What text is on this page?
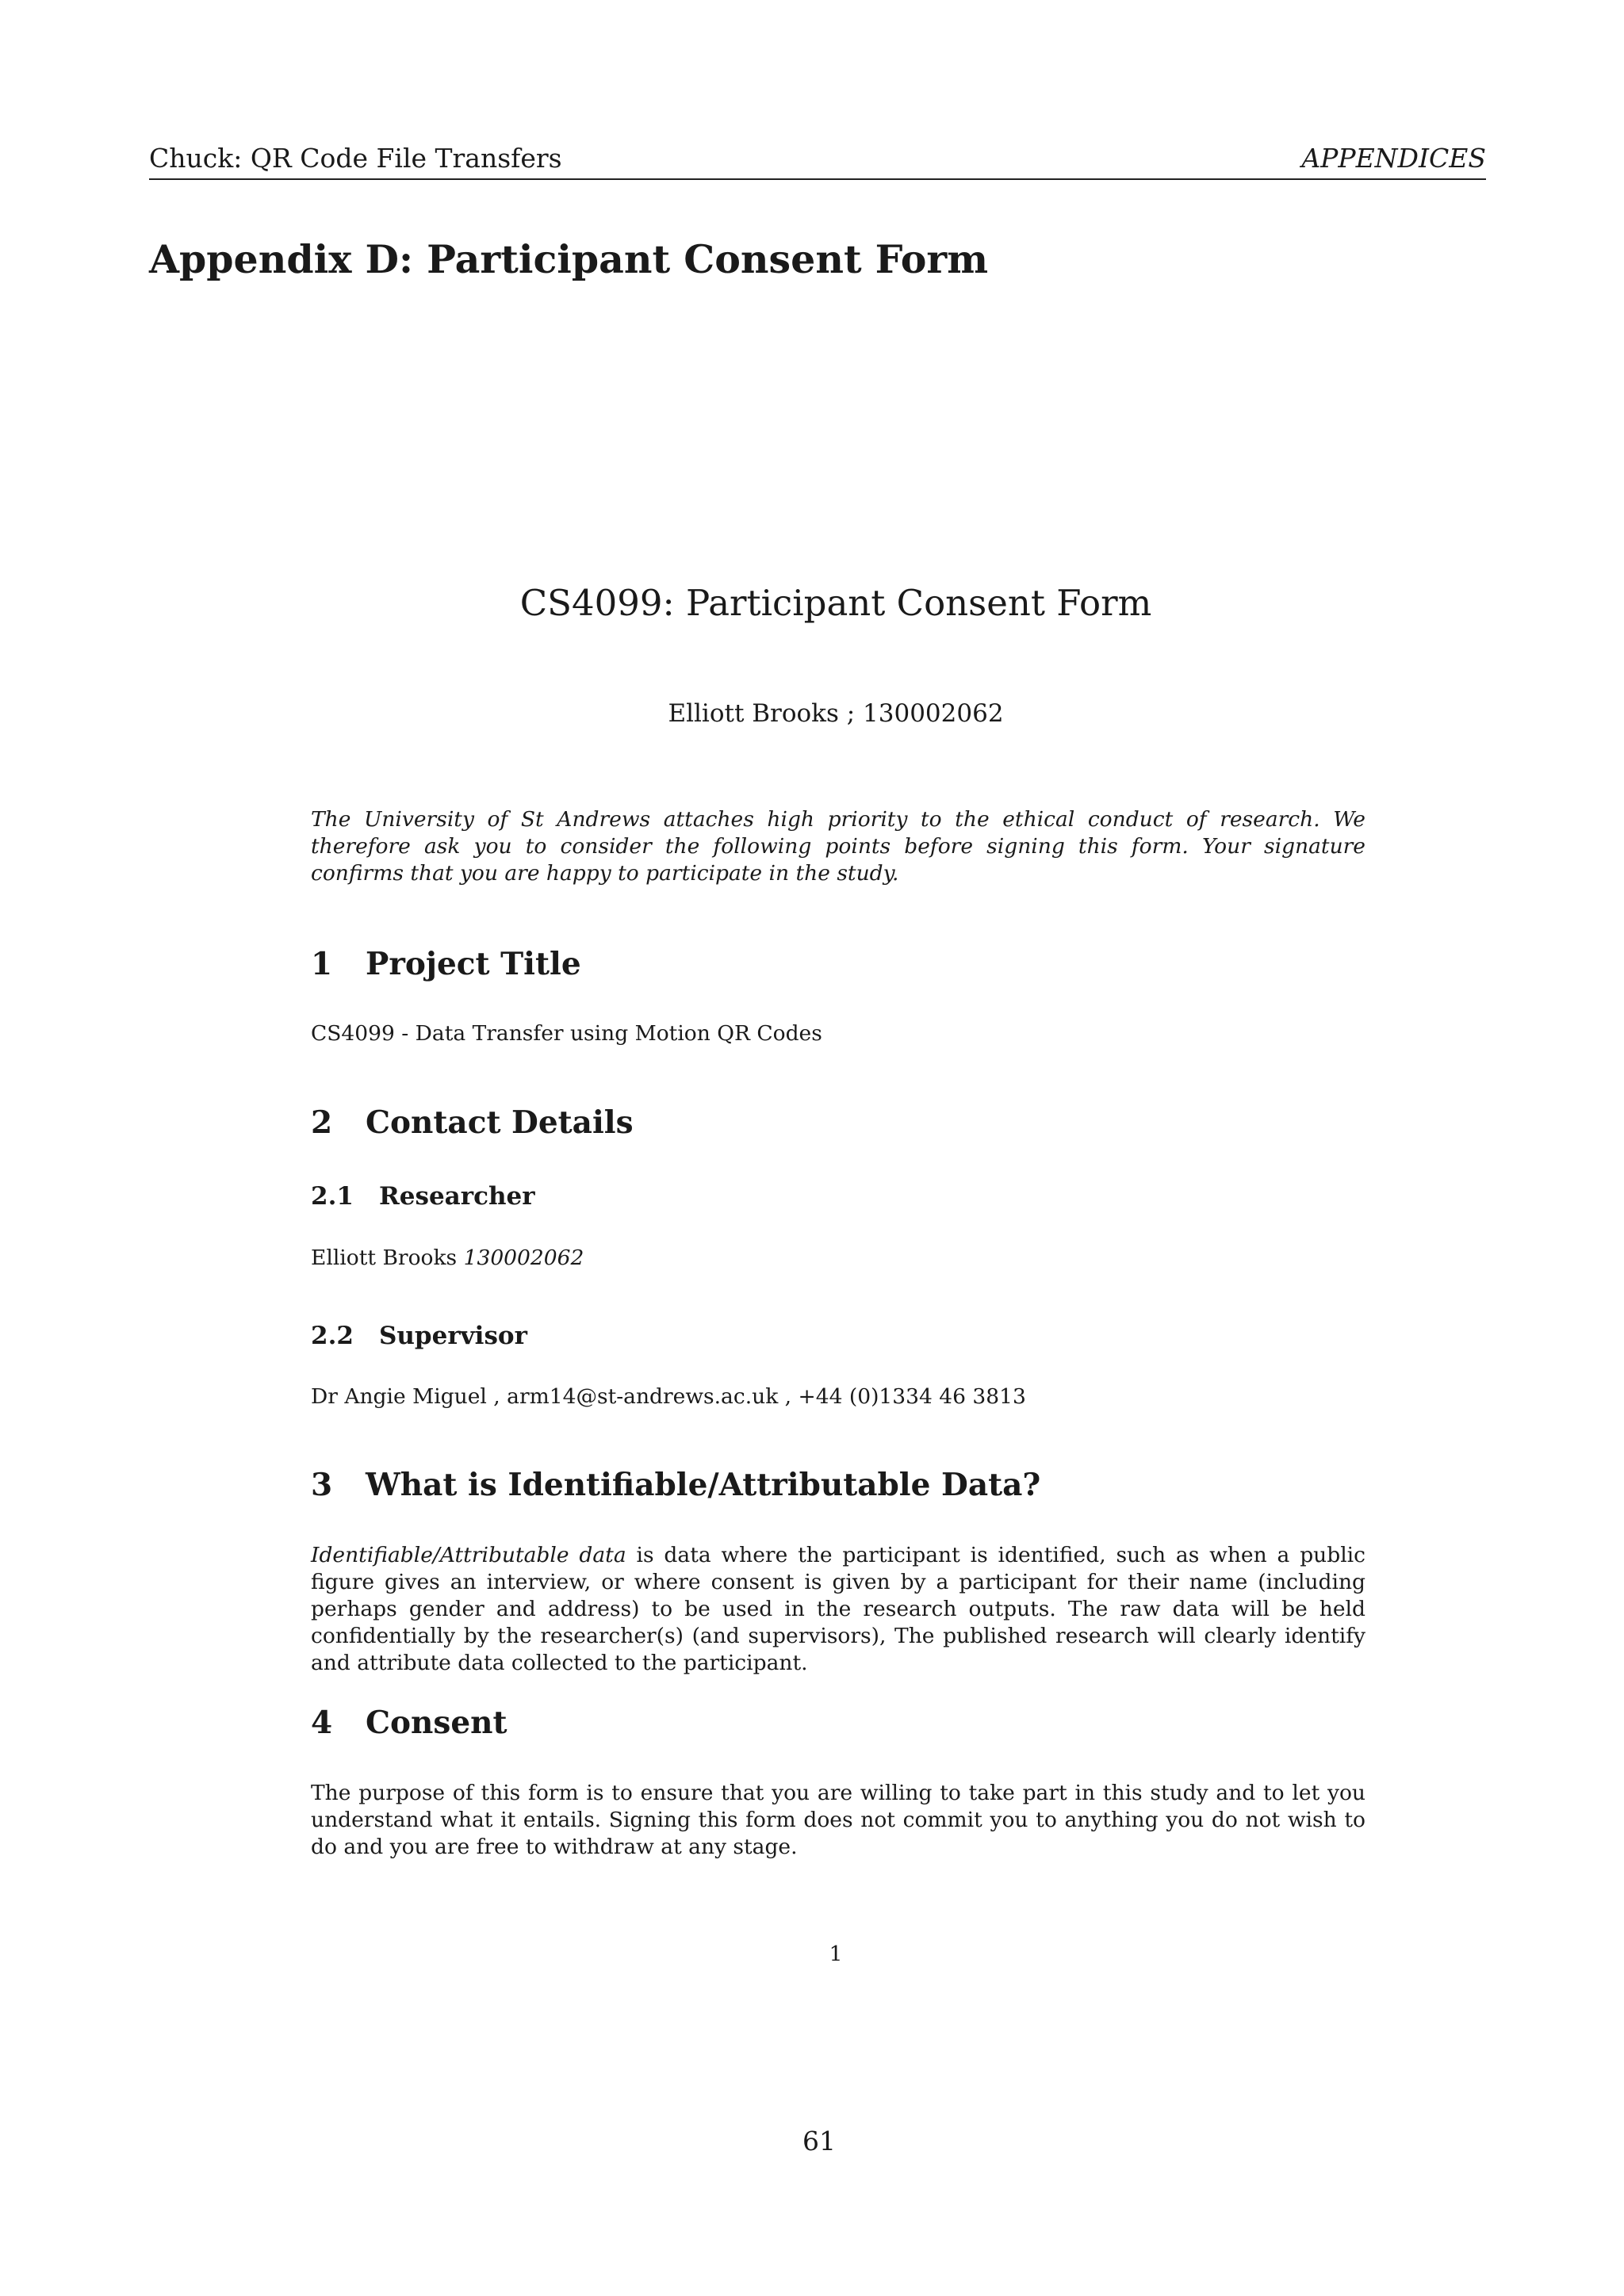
Chuck: QR Code File Transfers	APPENDICES
Appendix D: Participant Consent Form
CS4099: Participant Consent Form
Elliott Brooks ; 130002062
The University of St Andrews attaches high priority to the ethical conduct of research. We therefore ask you to consider the following points before signing this form. Your signature confirms that you are happy to participate in the study.
1 Project Title
CS4099 - Data Transfer using Motion QR Codes
2 Contact Details
2.1 Researcher
Elliott Brooks 130002062
2.2 Supervisor
Dr Angie Miguel , arm14@st-andrews.ac.uk , +44 (0)1334 46 3813
3 What is Identifiable/Attributable Data?
Identifiable/Attributable data is data where the participant is identified, such as when a public figure gives an interview, or where consent is given by a participant for their name (including perhaps gender and address) to be used in the research outputs. The raw data will be held confidentially by the researcher(s) (and supervisors), The published research will clearly identify and attribute data collected to the participant.
4 Consent
The purpose of this form is to ensure that you are willing to take part in this study and to let you understand what it entails. Signing this form does not commit you to anything you do not wish to do and you are free to withdraw at any stage.
1
61
